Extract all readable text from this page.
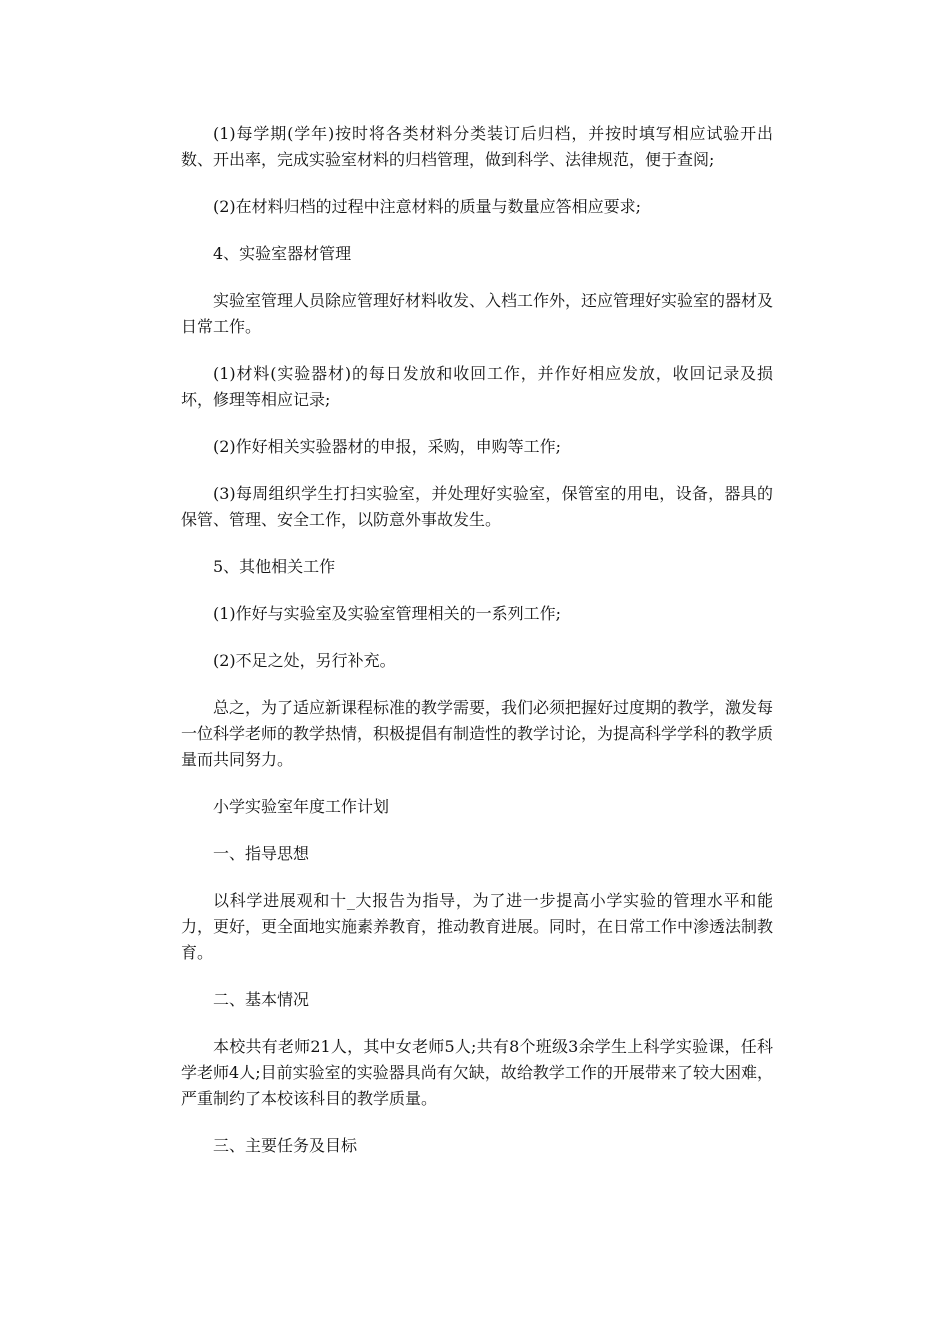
(1)每学期(学年)按时将各类材料分类装订后归档，并按时填写相应试验开出数、开出率，完成实验室材料的归档管理，做到科学、法律规范，便于查阅;

(2)在材料归档的过程中注意材料的质量与数量应答相应要求;

4、实验室器材管理

实验室管理人员除应管理好材料收发、入档工作外，还应管理好实验室的器材及日常工作。

(1)材料(实验器材)的每日发放和收回工作，并作好相应发放，收回记录及损坏，修理等相应记录;

(2)作好相关实验器材的申报，采购，申购等工作;

(3)每周组织学生打扫实验室，并处理好实验室，保管室的用电，设备，器具的保管、管理、安全工作，以防意外事故发生。

5、其他相关工作

(1)作好与实验室及实验室管理相关的一系列工作;

(2)不足之处，另行补充。

总之，为了适应新课程标准的教学需要，我们必须把握好过度期的教学，激发每一位科学老师的教学热情，积极提倡有制造性的教学讨论，为提高科学学科的教学质量而共同努力。

小学实验室年度工作计划

一、指导思想

以科学进展观和十_大报告为指导，为了进一步提高小学实验的管理水平和能力，更好，更全面地实施素养教育，推动教育进展。同时，在日常工作中渗透法制教育。

二、基本情况

本校共有老师21人，其中女老师5人;共有8个班级3余学生上科学实验课，任科学老师4人;目前实验室的实验器具尚有欠缺，故给教学工作的开展带来了较大困难，严重制约了本校该科目的教学质量。

三、主要任务及目标
